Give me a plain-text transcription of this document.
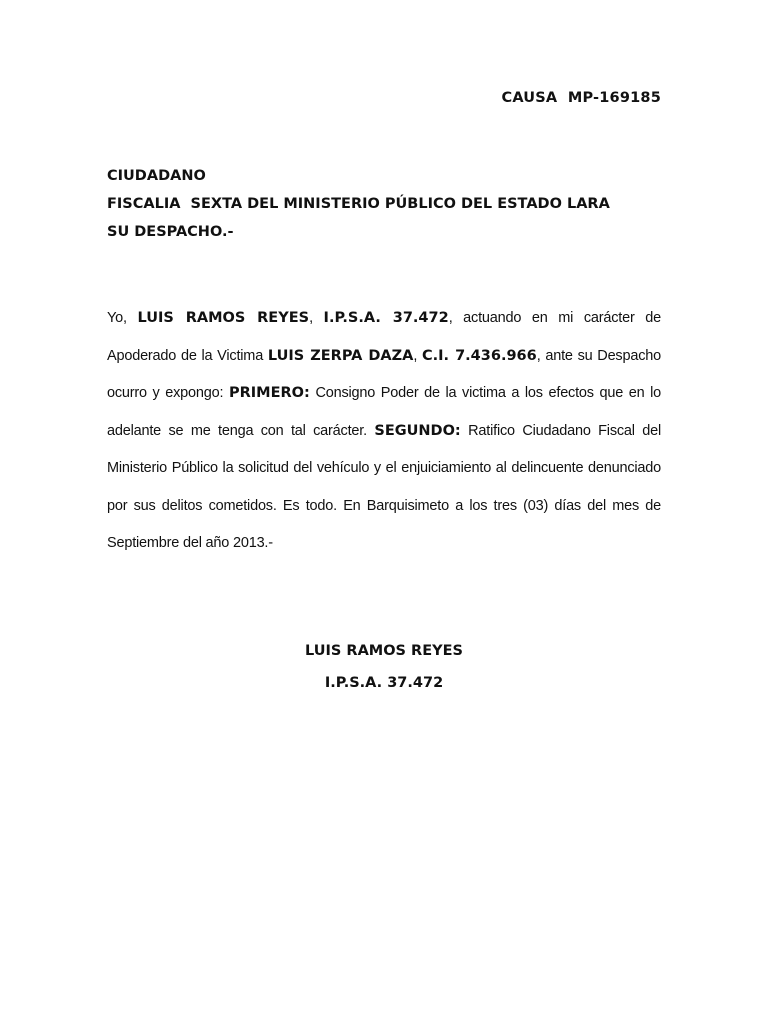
CAUSA  MP-169185
CIUDADANO
FISCALIA  SEXTA DEL MINISTERIO PÚBLICO DEL ESTADO LARA
SU DESPACHO.-

Yo, LUIS RAMOS REYES, I.P.S.A. 37.472, actuando en mi carácter de Apoderado de la Victima LUIS ZERPA DAZA, C.I. 7.436.966, ante su Despacho ocurro y expongo: PRIMERO: Consigno Poder de la victima a los efectos que en lo adelante se me tenga con tal carácter. SEGUNDO: Ratifico Ciudadano Fiscal del Ministerio Público la solicitud del vehículo y el enjuiciamiento al delincuente denunciado por sus delitos cometidos. Es todo. En Barquisimeto a los tres (03) días del mes de Septiembre del año 2013.-

LUIS RAMOS REYES
I.P.S.A. 37.472
